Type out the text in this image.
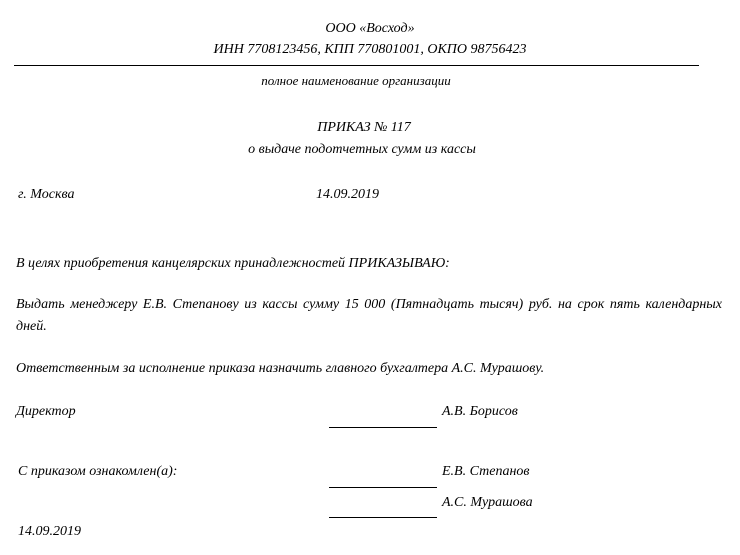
ООО «Восход»
ИНН 7708123456, КПП 770801001, ОКПО 98756423
полное наименование организации
ПРИКАЗ № 117
о выдаче подотчетных сумм из кассы
г. Москва	14.09.2019
В целях приобретения канцелярских принадлежностей ПРИКАЗЫВАЮ:
Выдать менеджеру Е.В. Степанову из кассы сумму 15 000 (Пятнадцать тысяч) руб. на срок пять календарных дней.
Ответственным за исполнение приказа назначить главного бухгалтера А.С. Мурашову.
Директор	А.В. Борисов
С приказом ознакомлен(а):	Е.В. Степанов
А.С. Мурашова
14.09.2019
